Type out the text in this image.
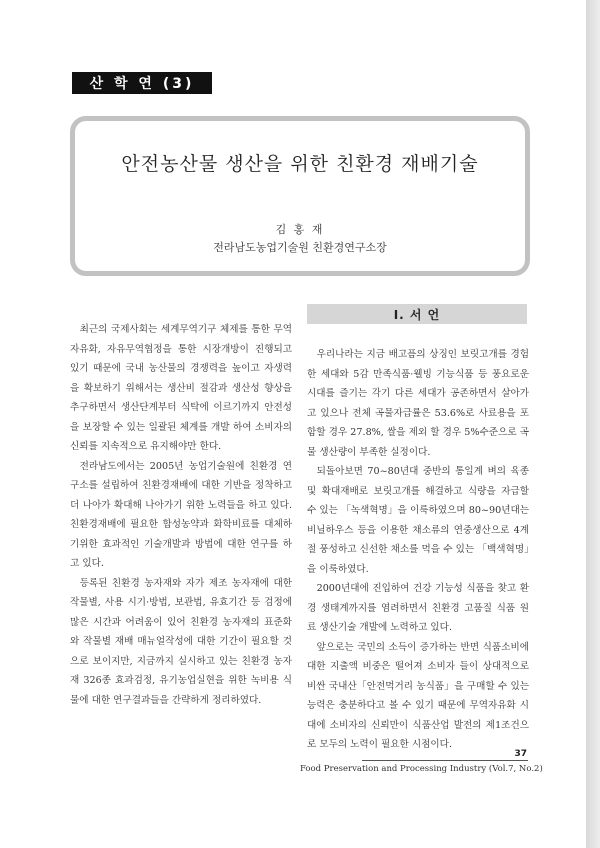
산 학 연 (3)
안전농산물 생산을 위한 친환경 재배기술
김 홍 재
전라남도농업기술원 친환경연구소장

최근의 국제사회는 세계무역기구 체제를 통한 무역자유화, 자유무역협정을 통한 시장개방이 진행되고 있기 때문에 국내 농산물의 경쟁력을 높이고 자생력을 확보하기 위해서는 생산비 절감과 생산성 향상을 추구하면서 생산단계부터 식탁에 이르기까지 안전성을 보장할 수 있는 일괄된 체계를 개발 하여 소비자의 신뢰를 지속적으로 유지해야만 한다.

전라남도에서는 2005년 농업기술원에 친환경 연구소를 설립하여 친환경재배에 대한 기반을 정착하고 더 나아가 확대해 나아가기 위한 노력들을 하고 있다. 친환경재배에 필요한 합성농약과 화학비료를 대체하기위한 효과적인 기술개발과 방법에 대한 연구를 하고 있다.

등록된 친환경 농자재와 자가 제조 농자재에 대한 작물별, 사용 시기·방법, 보관법, 유효기간 등 검정에 많은 시간과 어려움이 있어 친환경 농자재의 표준화와 작물별 재배 매뉴얼작성에 대한 기간이 필요할 것으로 보이지만, 지금까지 실시하고 있는 친환경 농자재 326종 효과검정, 유기농업실현을 위한 녹비용 식물에 대한 연구결과들을 간략하게 정리하였다.

Ⅰ. 서 언

우리나라는 지금 배고픔의 상징인 보릿고개를 경험한 세대와 5감 만족식품·웰빙 기능식품 등 풍요로운 시대를 즐기는 각기 다른 세대가 공존하면서 살아가고 있으나 전체 곡물자급률은 53.6%로 사료용을 포함할 경우 27.8%, 쌀을 제외 할 경우 5%수준으로 곡물 생산량이 부족한 실정이다.

되돌아보면 70~80년대 중반의 통일계 벼의 육종 및 확대재배로 보릿고개를 해결하고 식량을 자급할 수 있는 「녹색혁명」을 이룩하였으며 80~90년대는 비닐하우스 등을 이용한 채소류의 연중생산으로 4계절 풍성하고 신선한 채소를 먹을 수 있는 「백색혁명」을 이룩하였다.

2000년대에 진입하여 건강 기능성 식품을 찾고 환경 생태계까지를 염려하면서 친환경 고품질 식품 원료 생산기술 개발에 노력하고 있다.

앞으로는 국민의 소득이 증가하는 반면 식품소비에 대한 지출액 비중은 떨어져 소비자 들이 상대적으로 비싼 국내산「안전먹거리 농식품」을 구매할 수 있는 능력은 충분하다고 볼 수 있기 때문에 무역자유화 시대에 소비자의 신뢰만이 식품산업 발전의 제1조건으로 모두의 노력이 필요한 시점이다.

37
Food Preservation and Processing Industry (Vol.7, No.2)
